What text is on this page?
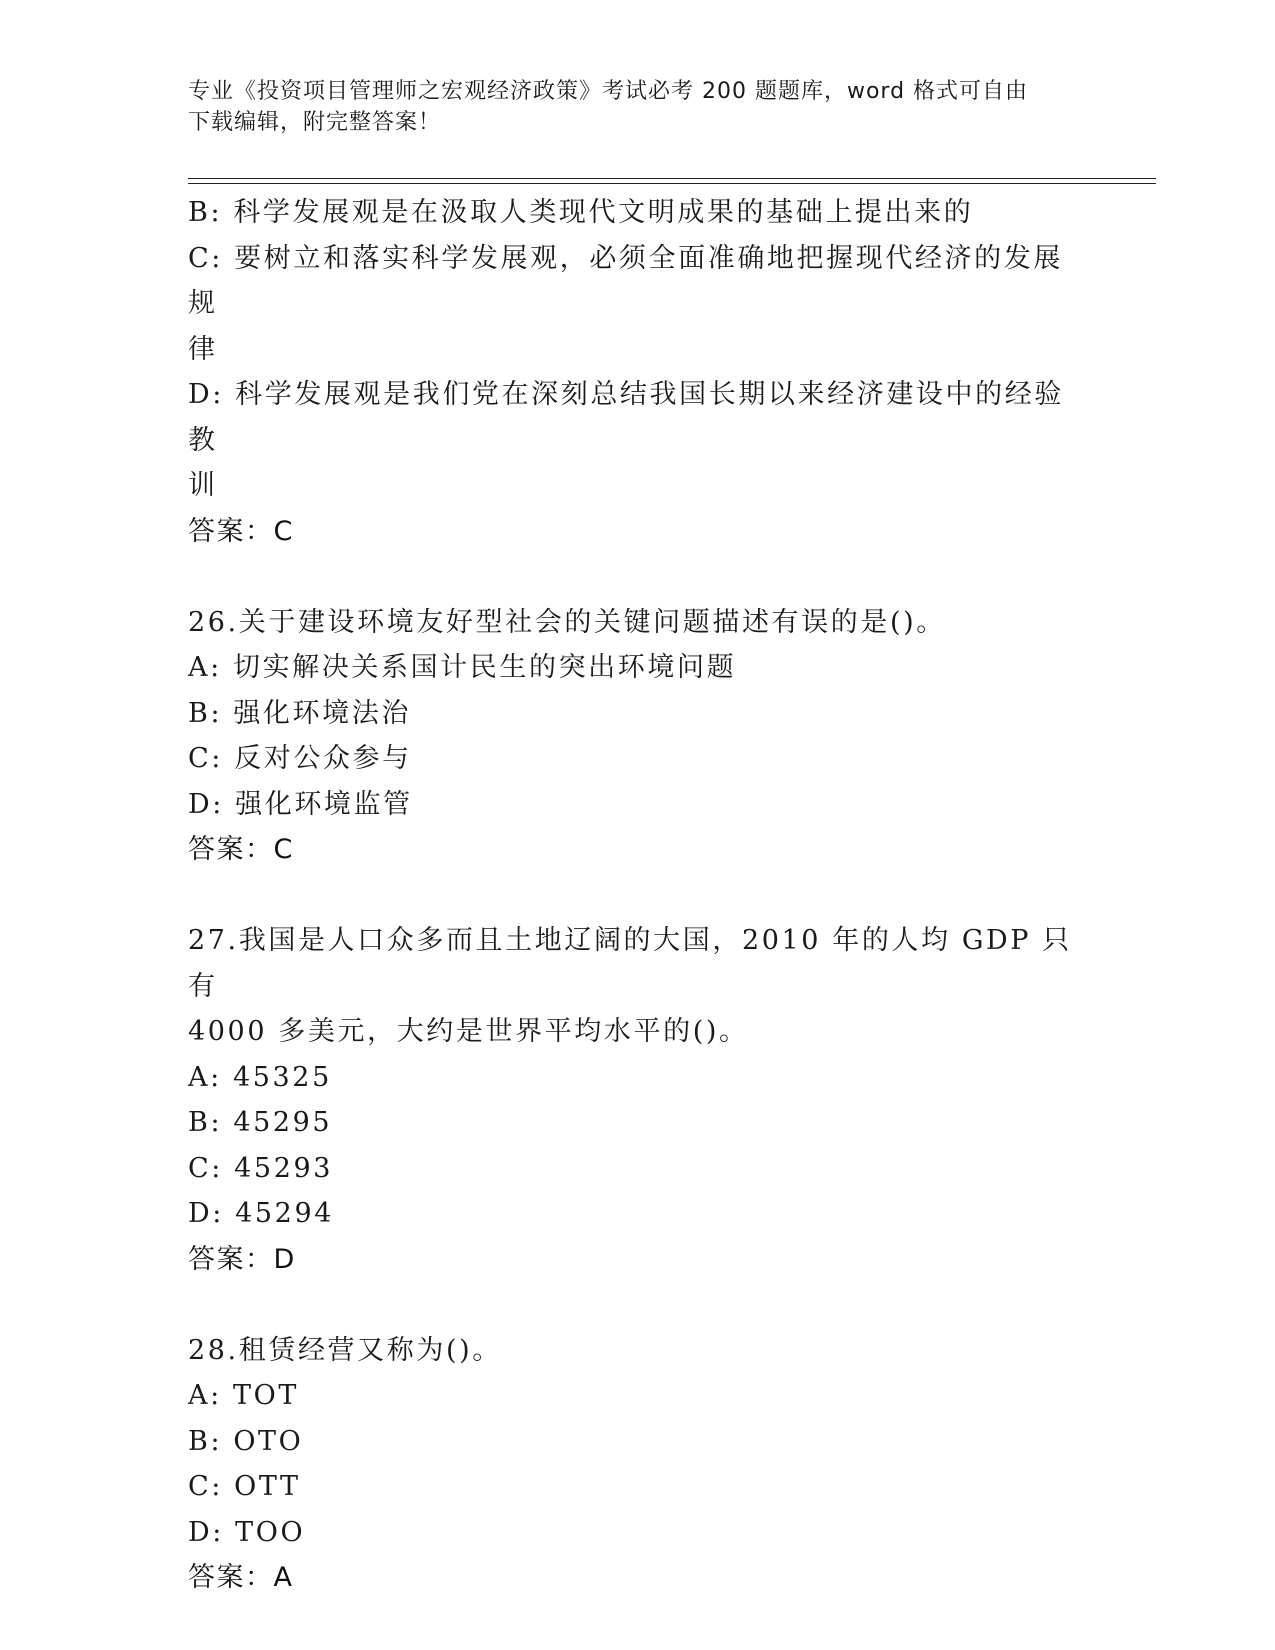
专业《投资项目管理师之宏观经济政策》考试必考 200 题题库，word 格式可自由
下载编辑，附完整答案！
B: 科学发展观是在汲取人类现代文明成果的基础上提出来的
C: 要树立和落实科学发展观，必须全面准确地把握现代经济的发展规
律
D: 科学发展观是我们党在深刻总结我国长期以来经济建设中的经验教
训
答案：C
26.关于建设环境友好型社会的关键问题描述有误的是()。
A: 切实解决关系国计民生的突出环境问题
B: 强化环境法治
C: 反对公众参与
D: 强化环境监管
答案：C
27.我国是人口众多而且土地辽阔的大国，2010 年的人均 GDP 只有
4000 多美元，大约是世界平均水平的()。
A: 45325
B: 45295
C: 45293
D: 45294
答案：D
28.租赁经营又称为()。
A: TOT
B: OTO
C: OTT
D: TOO
答案：A
